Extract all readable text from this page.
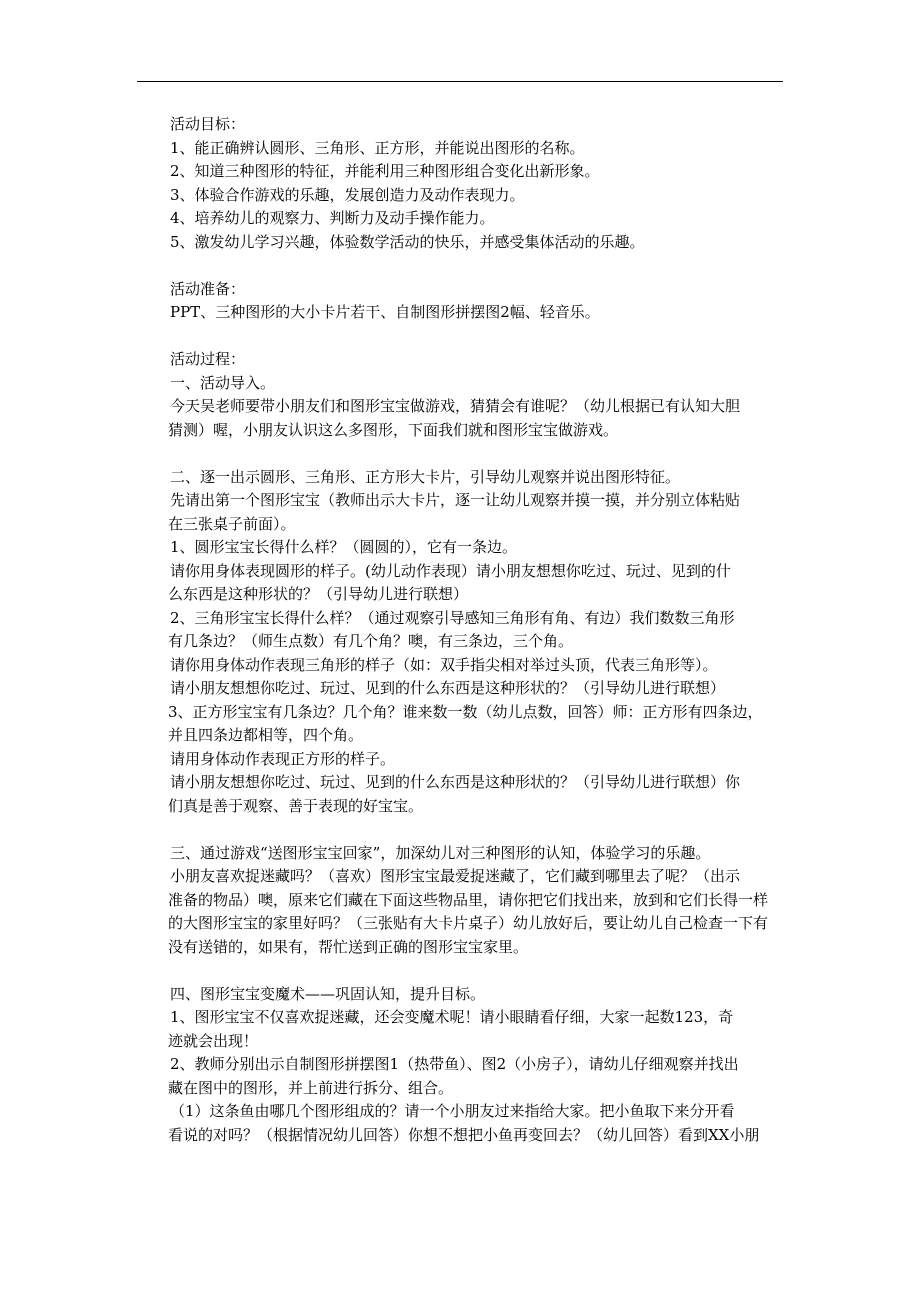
活动目标：
1、能正确辨认圆形、三角形、正方形，并能说出图形的名称。
2、知道三种图形的特征，并能利用三种图形组合变化出新形象。
3、体验合作游戏的乐趣，发展创造力及动作表现力。
4、培养幼儿的观察力、判断力及动手操作能力。
5、激发幼儿学习兴趣，体验数学活动的快乐，并感受集体活动的乐趣。
活动准备：
PPT、三种图形的大小卡片若干、自制图形拼摆图2幅、轻音乐。
活动过程：
一、活动导入。
今天吴老师要带小朋友们和图形宝宝做游戏，猜猜会有谁呢？（幼儿根据已有认知大胆
猜测）喔，小朋友认识这么多图形，下面我们就和图形宝宝做游戏。
二、逐一出示圆形、三角形、正方形大卡片，引导幼儿观察并说出图形特征。
先请出第一个图形宝宝（教师出示大卡片，逐一让幼儿观察并摸一摸，并分别立体粘贴
在三张桌子前面）。
1、圆形宝宝长得什么样？（圆圆的），它有一条边。
请你用身体表现圆形的样子。(幼儿动作表现）请小朋友想想你吃过、玩过、见到的什
么东西是这种形状的？（引导幼儿进行联想）
2、三角形宝宝长得什么样？（通过观察引导感知三角形有角、有边）我们数数三角形
有几条边？（师生点数）有几个角？噢，有三条边，三个角。
请你用身体动作表现三角形的样子（如：双手指尖相对举过头顶，代表三角形等）。
请小朋友想想你吃过、玩过、见到的什么东西是这种形状的？（引导幼儿进行联想）
3、正方形宝宝有几条边？几个角？谁来数一数（幼儿点数，回答）师：正方形有四条边，
并且四条边都相等，四个角。
请用身体动作表现正方形的样子。
请小朋友想想你吃过、玩过、见到的什么东西是这种形状的？（引导幼儿进行联想）你
们真是善于观察、善于表现的好宝宝。
三、通过游戏“送图形宝宝回家”，加深幼儿对三种图形的认知，体验学习的乐趣。
小朋友喜欢捉迷藏吗？（喜欢）图形宝宝最爱捉迷藏了，它们藏到哪里去了呢？（出示
准备的物品）噢，原来它们藏在下面这些物品里，请你把它们找出来，放到和它们长得一样
的大图形宝宝的家里好吗？（三张贴有大卡片桌子）幼儿放好后，要让幼儿自己检查一下有
没有送错的，如果有，帮忙送到正确的图形宝宝家里。
四、图形宝宝变魔术——巩固认知，提升目标。
1、图形宝宝不仅喜欢捉迷藏，还会变魔术呢！请小眼睛看仔细，大家一起数123，奇
迹就会出现！
2、教师分别出示自制图形拼摆图1（热带鱼）、图2（小房子），请幼儿仔细观察并找出
藏在图中的图形，并上前进行拆分、组合。
（1）这条鱼由哪几个图形组成的？请一个小朋友过来指给大家。把小鱼取下来分开看
看说的对吗？（根据情况幼儿回答）你想不想把小鱼再变回去？（幼儿回答）看到XX小朋
